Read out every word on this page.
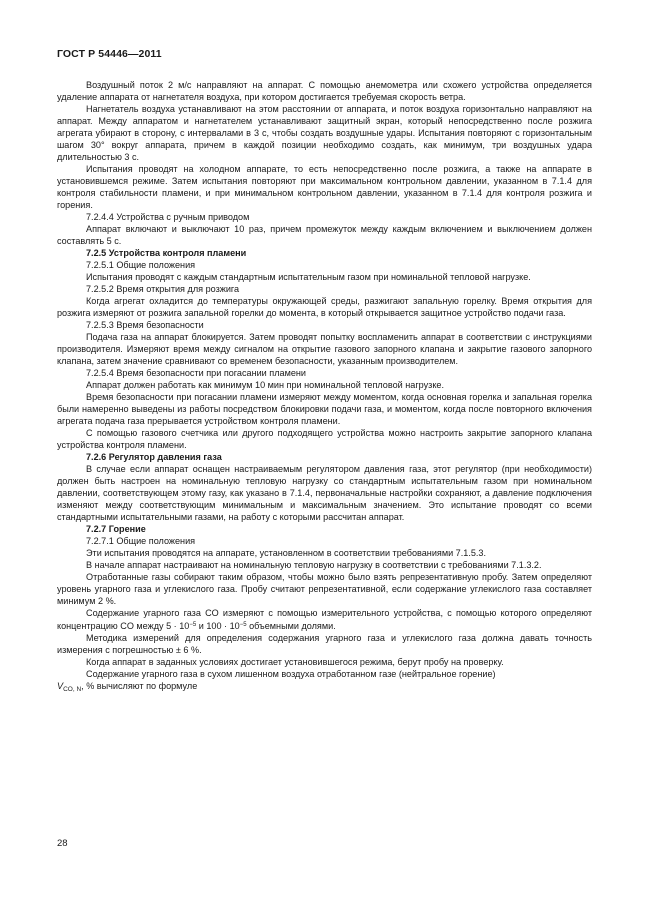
ГОСТ Р 54446—2011

Воздушный поток 2 м/с направляют на аппарат. С помощью анемометра или схожего устройства определяется удаление аппарата от нагнетателя воздуха, при котором достигается требуемая скорость ветра.

Нагнетатель воздуха устанавливают на этом расстоянии от аппарата, и поток воздуха горизонтально направляют на аппарат. Между аппаратом и нагнетателем устанавливают защитный экран, который непосредственно после розжига агрегата убирают в сторону, с интервалами в 3 с, чтобы создать воздушные удары. Испытания повторяют с горизонтальным шагом 30° вокруг аппарата, причем в каждой позиции необходимо создать, как минимум, три воздушных удара длительностью 3 с.

Испытания проводят на холодном аппарате, то есть непосредственно после розжига, а также на аппарате в установившемся режиме. Затем испытания повторяют при максимальном контрольном давлении, указанном в 7.1.4 для контроля стабильности пламени, и при минимальном контрольном давлении, указанном в 7.1.4 для контроля розжига и горения.

7.2.4.4 Устройства с ручным приводом

Аппарат включают и выключают 10 раз, причем промежуток между каждым включением и выключением должен составлять 5 с.

7.2.5 Устройства контроля пламени

7.2.5.1 Общие положения

Испытания проводят с каждым стандартным испытательным газом при номинальной тепловой нагрузке.

7.2.5.2 Время открытия для розжига

Когда агрегат охладится до температуры окружающей среды, разжигают запальную горелку. Время открытия для розжига измеряют от розжига запальной горелки до момента, в который открывается защитное устройство подачи газа.

7.2.5.3 Время безопасности

Подача газа на аппарат блокируется. Затем проводят попытку воспламенить аппарат в соответствии с инструкциями производителя. Измеряют время между сигналом на открытие газового запорного клапана и закрытие газового запорного клапана, затем значение сравнивают со временем безопасности, указанным производителем.

7.2.5.4 Время безопасности при погасании пламени

Аппарат должен работать как минимум 10 мин при номинальной тепловой нагрузке.

Время безопасности при погасании пламени измеряют между моментом, когда основная горелка и запальная горелка были намеренно выведены из работы посредством блокировки подачи газа, и моментом, когда после повторного включения агрегата подача газа прерывается устройством контроля пламени.

С помощью газового счетчика или другого подходящего устройства можно настроить закрытие запорного клапана устройства контроля пламени.

7.2.6 Регулятор давления газа

В случае если аппарат оснащен настраиваемым регулятором давления газа, этот регулятор (при необходимости) должен быть настроен на номинальную тепловую нагрузку со стандартным испытательным газом при номинальном давлении, соответствующем этому газу, как указано в 7.1.4, первоначальные настройки сохраняют, а давление подключения изменяют между соответствующим минимальным и максимальным значением. Это испытание проводят со всеми стандартными испытательными газами, на работу с которыми рассчитан аппарат.

7.2.7 Горение

7.2.7.1 Общие положения

Эти испытания проводятся на аппарате, установленном в соответствии требованиями 7.1.5.3.

В начале аппарат настраивают на номинальную тепловую нагрузку в соответствии с требованиями 7.1.3.2.

Отработанные газы собирают таким образом, чтобы можно было взять репрезентативную пробу. Затем определяют уровень угарного газа и углекислого газа. Пробу считают репрезентативной, если содержание углекислого газа составляет минимум 2 %.

Содержание угарного газа CO измеряют с помощью измерительного устройства, с помощью которого определяют концентрацию CO между $5 \cdot 10^{-5}$ и $100 \cdot 10^{-5}$ объемными долями.

Методика измерений для определения содержания угарного газа и углекислого газа должна давать точность измерения с погрешностью ± 6 %.

Когда аппарат в заданных условиях достигает установившегося режима, берут пробу на проверку.

Содержание угарного газа в сухом лишенном воздуха отработанном газе (нейтральное горение)

$V_{CO, N}$, % вычисляют по формуле

28
